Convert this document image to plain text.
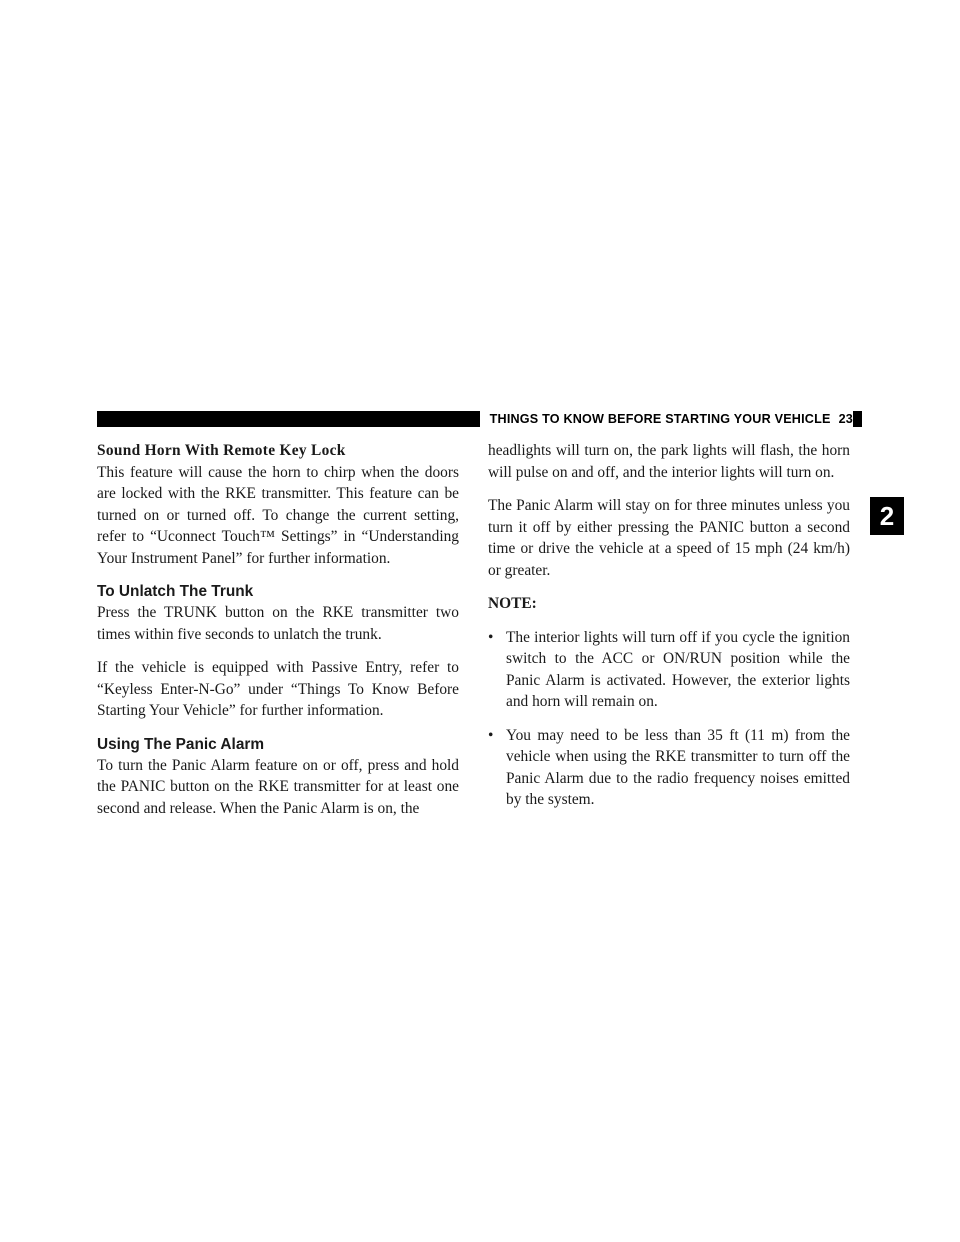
THINGS TO KNOW BEFORE STARTING YOUR VEHICLE 23
2
Sound Horn With Remote Key Lock

This feature will cause the horn to chirp when the doors are locked with the RKE transmitter. This feature can be turned on or turned off. To change the current setting, refer to “Uconnect Touch™ Settings” in “Understanding Your Instrument Panel” for further information.

To Unlatch The Trunk

Press the TRUNK button on the RKE transmitter two times within five seconds to unlatch the trunk.

If the vehicle is equipped with Passive Entry, refer to “Keyless Enter-N-Go” under “Things To Know Before Starting Your Vehicle” for further information.

Using The Panic Alarm

To turn the Panic Alarm feature on or off, press and hold the PANIC button on the RKE transmitter for at least one second and release. When the Panic Alarm is on, the

headlights will turn on, the park lights will flash, the horn will pulse on and off, and the interior lights will turn on.

The Panic Alarm will stay on for three minutes unless you turn it off by either pressing the PANIC button a second time or drive the vehicle at a speed of 15 mph (24 km/h) or greater.

NOTE:

• The interior lights will turn off if you cycle the ignition switch to the ACC or ON/RUN position while the Panic Alarm is activated. However, the exterior lights and horn will remain on.
• You may need to be less than 35 ft (11 m) from the vehicle when using the RKE transmitter to turn off the Panic Alarm due to the radio frequency noises emitted by the system.
